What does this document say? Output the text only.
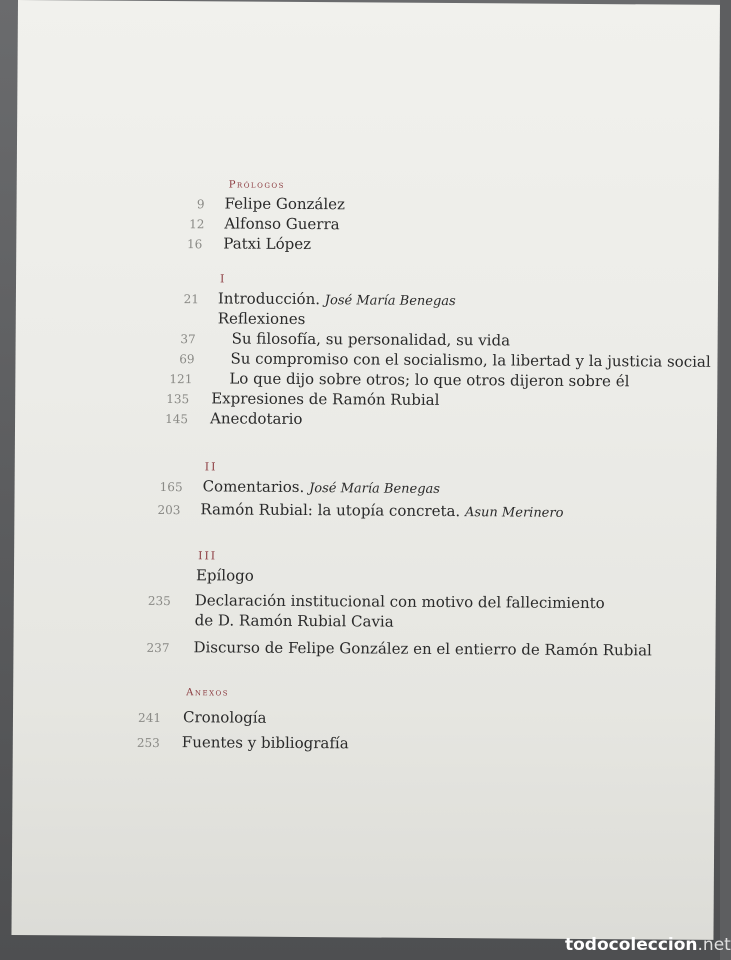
Prólogos
9 Felipe González
12 Alfonso Guerra
16 Patxi López
I
21 Introducción. José María Benegas
Reflexiones
37 Su filosofía, su personalidad, su vida
69 Su compromiso con el socialismo, la libertad y la justicia social
121 Lo que dijo sobre otros; lo que otros dijeron sobre él
135 Expresiones de Ramón Rubial
145 Anecdotario
II
165 Comentarios. José María Benegas
203 Ramón Rubial: la utopía concreta. Asun Merinero
III
Epílogo
235 Declaración institucional con motivo del fallecimiento
de D. Ramón Rubial Cavia
237 Discurso de Felipe González en el entierro de Ramón Rubial
Anexos
241 Cronología
253 Fuentes y bibliografía
todocoleccion.net
